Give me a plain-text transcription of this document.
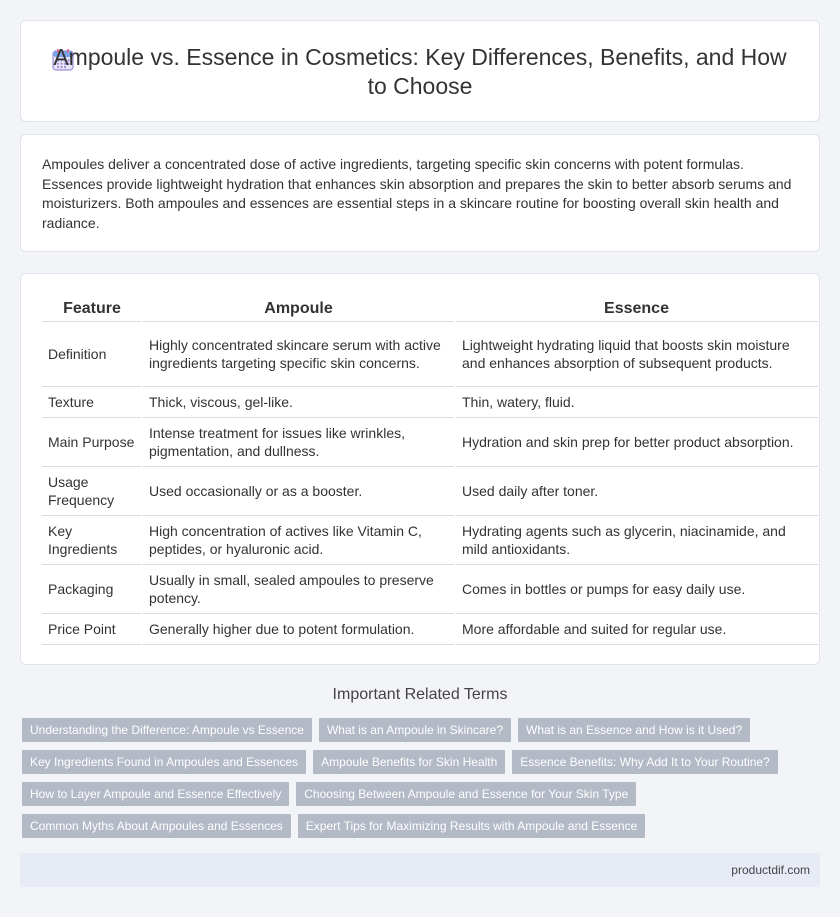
Ampoule vs. Essence in Cosmetics: Key Differences, Benefits, and How to Choose

Ampoules deliver a concentrated dose of active ingredients, targeting specific skin concerns with potent formulas. Essences provide lightweight hydration that enhances skin absorption and prepares the skin to better absorb serums and moisturizers. Both ampoules and essences are essential steps in a skincare routine for boosting overall skin health and radiance.

Feature	Ampoule	Essence
Definition	Highly concentrated skincare serum with active ingredients targeting specific skin concerns.	Lightweight hydrating liquid that boosts skin moisture and enhances absorption of subsequent products.
Texture	Thick, viscous, gel-like.	Thin, watery, fluid.
Main Purpose	Intense treatment for issues like wrinkles, pigmentation, and dullness.	Hydration and skin prep for better product absorption.
Usage Frequency	Used occasionally or as a booster.	Used daily after toner.
Key Ingredients	High concentration of actives like Vitamin C, peptides, or hyaluronic acid.	Hydrating agents such as glycerin, niacinamide, and mild antioxidants.
Packaging	Usually in small, sealed ampoules to preserve potency.	Comes in bottles or pumps for easy daily use.
Price Point	Generally higher due to potent formulation.	More affordable and suited for regular use.
Important Related Terms
Understanding the Difference: Ampoule vs Essence	What is an Ampoule in Skincare?	What is an Essence and How is it Used?
Key Ingredients Found in Ampoules and Essences	Ampoule Benefits for Skin Health	Essence Benefits: Why Add It to Your Routine?
How to Layer Ampoule and Essence Effectively	Choosing Between Ampoule and Essence for Your Skin Type
Common Myths About Ampoules and Essences	Expert Tips for Maximizing Results with Ampoule and Essence
productdif.com
